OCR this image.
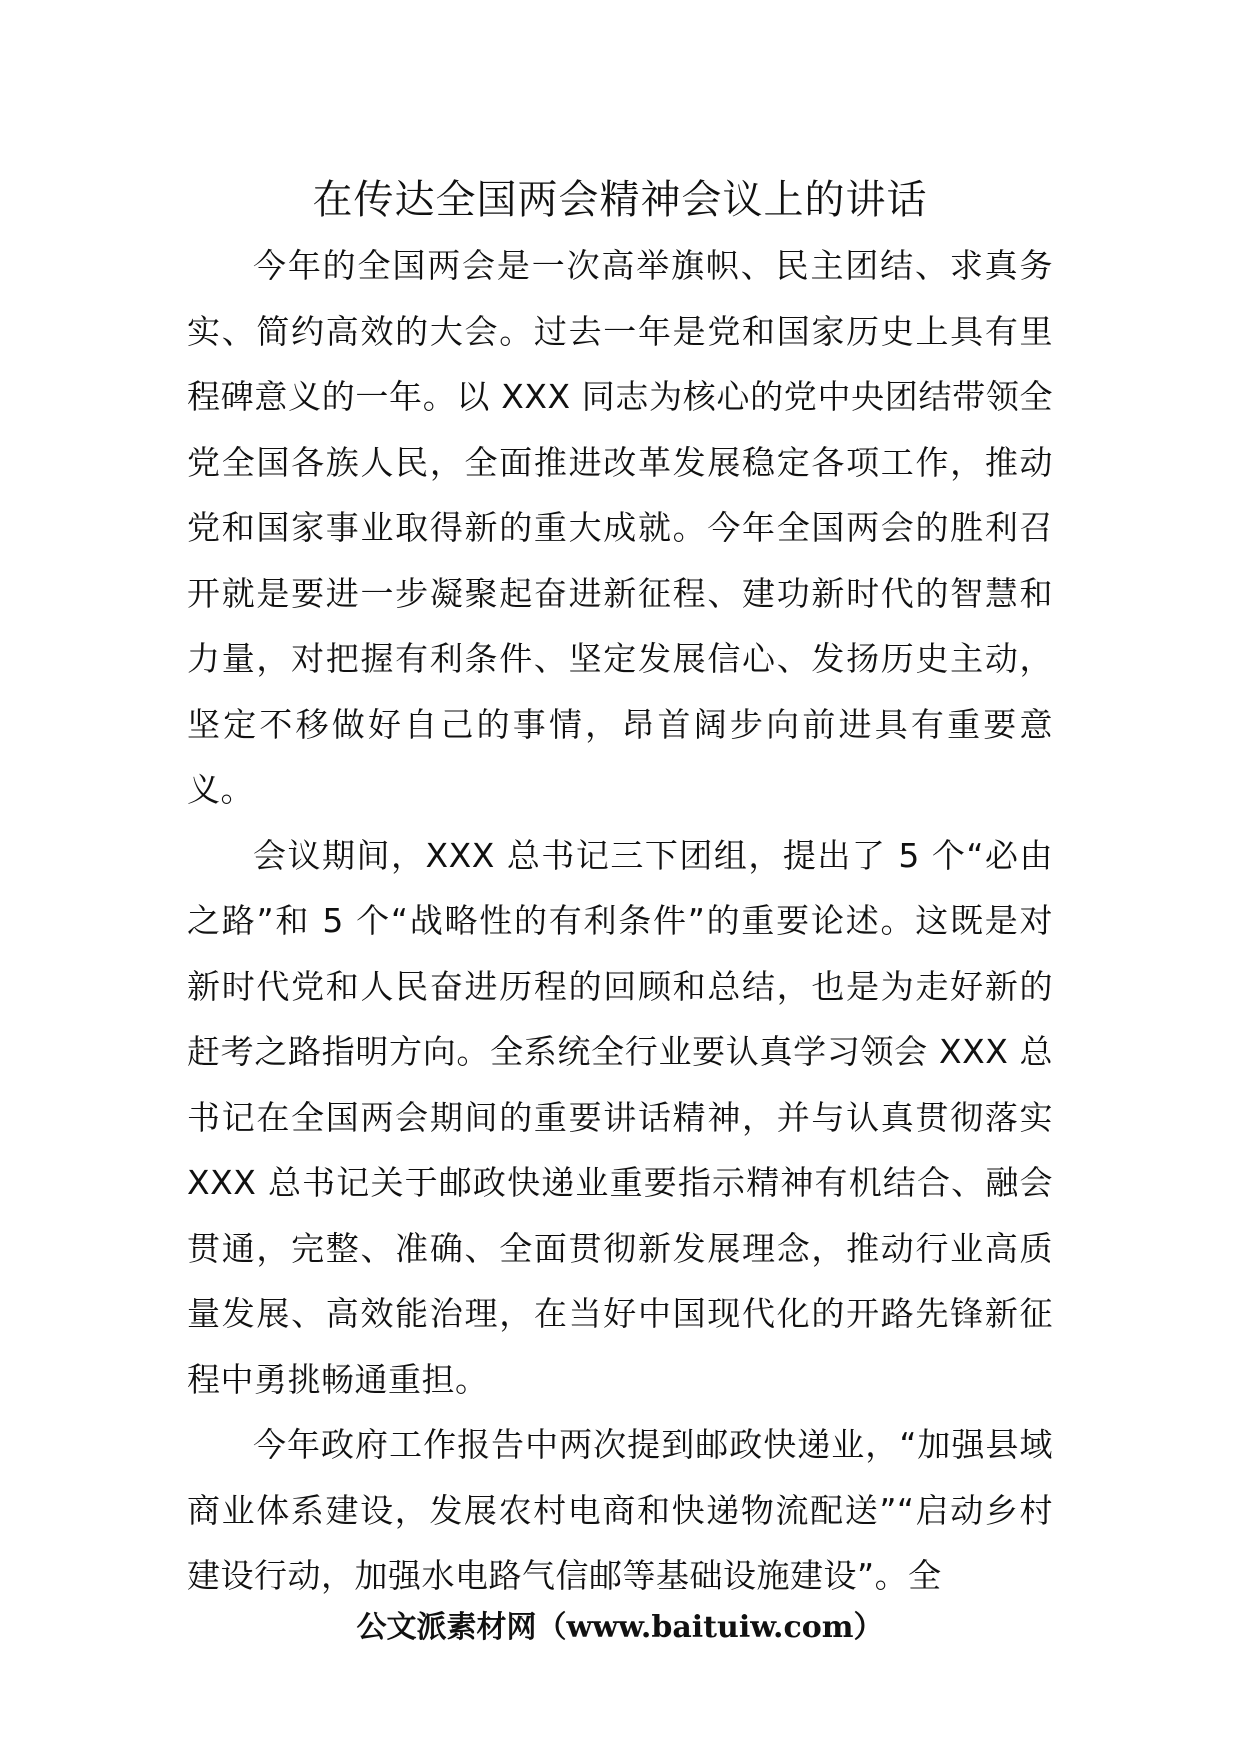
在传达全国两会精神会议上的讲话

今年的全国两会是一次高举旗帜、民主团结、求真务实、简约高效的大会。过去一年是党和国家历史上具有里程碑意义的一年。以 XXX 同志为核心的党中央团结带领全党全国各族人民，全面推进改革发展稳定各项工作，推动党和国家事业取得新的重大成就。今年全国两会的胜利召开就是要进一步凝聚起奋进新征程、建功新时代的智慧和力量，对把握有利条件、坚定发展信心、发扬历史主动，坚定不移做好自己的事情，昂首阔步向前进具有重要意义。

会议期间，XXX 总书记三下团组，提出了 5 个“必由之路”和 5 个“战略性的有利条件”的重要论述。这既是对新时代党和人民奋进历程的回顾和总结，也是为走好新的赶考之路指明方向。全系统全行业要认真学习领会 XXX 总书记在全国两会期间的重要讲话精神，并与认真贯彻落实 XXX 总书记关于邮政快递业重要指示精神有机结合、融会贯通，完整、准确、全面贯彻新发展理念，推动行业高质量发展、高效能治理，在当好中国现代化的开路先锋新征程中勇挑畅通重担。

今年政府工作报告中两次提到邮政快递业，“加强县域商业体系建设，发展农村电商和快递物流配送”“启动乡村建设行动，加强水电路气信邮等基础设施建设”。全

公文派素材网（www.baituiw.com）
